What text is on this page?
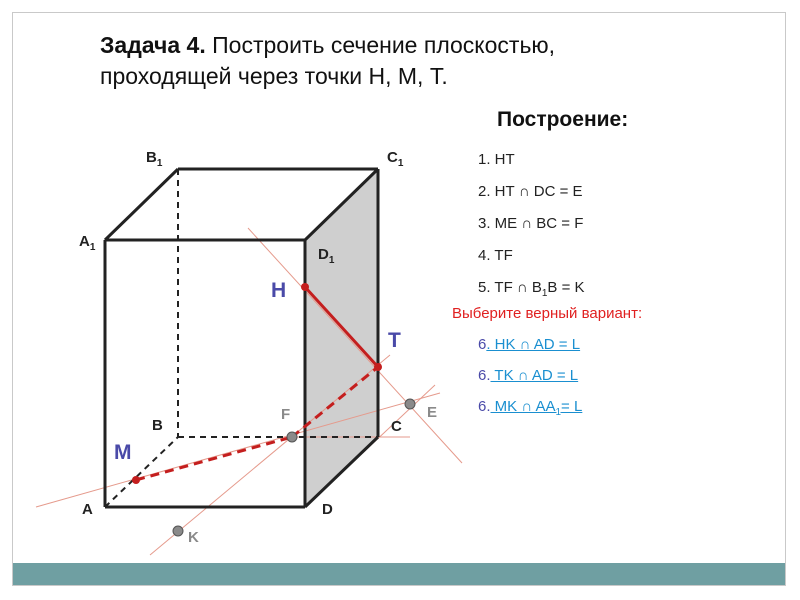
Задача 4. Построить сечение плоскостью,
проходящей через точки Н, М, Т.
$B_1$	$C_1$
$A_1$	$D_1$
B	C
A	D
H
T
M
F	E
K
Построение:
1. НТ
2. НТ ∩ DC = E
3. ME ∩ BC = F
4. TF
5. TF ∩ $B_1B = K$
Выберите верный вариант:
6. HK ∩ AD = L
6. TK ∩ AD = L
6. MK ∩ $AA_1= L$
